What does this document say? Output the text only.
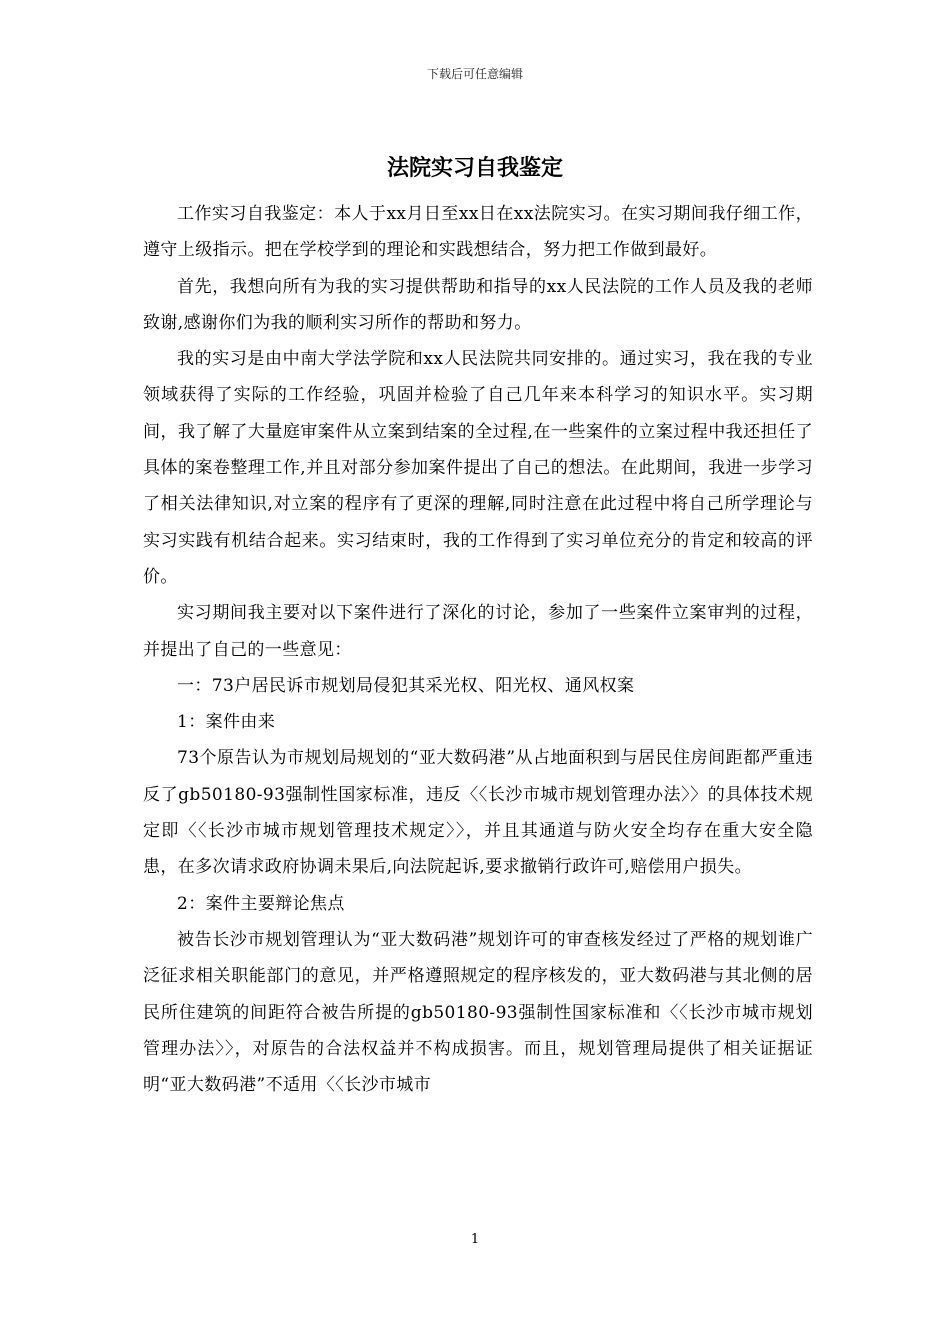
下载后可任意编辑
法院实习自我鉴定

工作实习自我鉴定：本人于xx月日至xx日在xx法院实习。在实习期间我仔细工作，遵守上级指示。把在学校学到的理论和实践想结合，努力把工作做到最好。

首先，我想向所有为我的实习提供帮助和指导的xx人民法院的工作人员及我的老师致谢,感谢你们为我的顺利实习所作的帮助和努力。

我的实习是由中南大学法学院和xx人民法院共同安排的。通过实习，我在我的专业领域获得了实际的工作经验，巩固并检验了自己几年来本科学习的知识水平。实习期间，我了解了大量庭审案件从立案到结案的全过程,在一些案件的立案过程中我还担任了具体的案卷整理工作,并且对部分参加案件提出了自己的想法。在此期间，我进一步学习了相关法律知识,对立案的程序有了更深的理解,同时注意在此过程中将自己所学理论与实习实践有机结合起来。实习结束时，我的工作得到了实习单位充分的肯定和较高的评价。

实习期间我主要对以下案件进行了深化的讨论，参加了一些案件立案审判的过程，并提出了自己的一些意见：

一：73户居民诉市规划局侵犯其采光权、阳光权、通风权案

1：案件由来

73个原告认为市规划局规划的“亚大数码港”从占地面积到与居民住房间距都严重违反了gb50180-93强制性国家标准，违反〈〈长沙市城市规划管理办法〉〉的具体技术规定即〈〈长沙市城市规划管理技术规定〉〉，并且其通道与防火安全均存在重大安全隐患，在多次请求政府协调未果后,向法院起诉,要求撤销行政许可,赔偿用户损失。

2：案件主要辩论焦点

被告长沙市规划管理认为“亚大数码港”规划许可的审查核发经过了严格的规划谁广泛征求相关职能部门的意见，并严格遵照规定的程序核发的，亚大数码港与其北侧的居民所住建筑的间距符合被告所提的gb50180-93强制性国家标准和〈〈长沙市城市规划管理办法〉〉，对原告的合法权益并不构成损害。而且，规划管理局提供了相关证据证明“亚大数码港”不适用〈〈长沙市城市

1
